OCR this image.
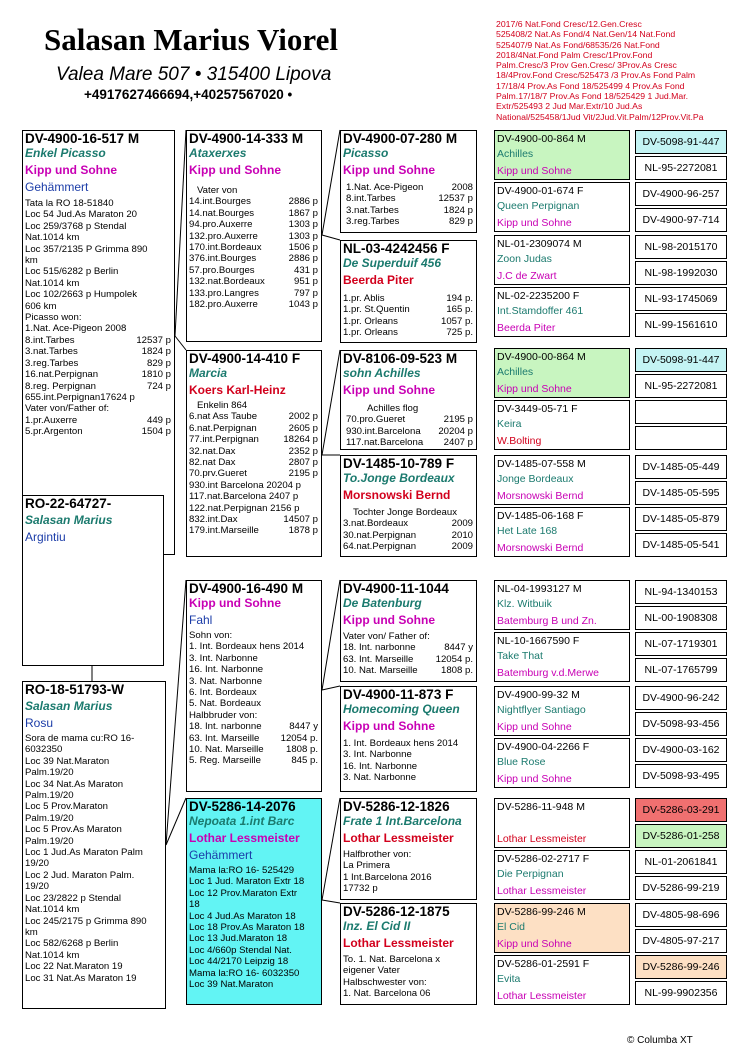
Salasan Marius Viorel
Valea Mare 507 • 315400 Lipova
+4917627466694,+40257567020 •
2017/6 Nat.Fond Cresc/12.Gen.Cresc
525408/2 Nat.As Fond/4 Nat.Gen/14 Nat.Fond
525407/9 Nat.As Fond/68535/26 Nat.Fond
2018/4Nat.Fond Palm Cresc/1Prov.Fond
Palm.Cresc/3 Prov Gen.Cresc/ 3Prov.As Cresc
18/4Prov.Fond Cresc/525473 /3 Prov.As Fond Palm
17/18/4 Prov.As Fond 18/525499 4 Prov.As Fond
Palm.17/18/7 Prov.As Fond 18/525429 1 Jud.Mar.
Extr/525493 2 Jud Mar.Extr/10 Jud.As
National/525458/1Jud Vit/2Jud.Vit.Palm/12Prov.Vit.Pa
DV-4900-16-517 M
Enkel Picasso
Kipp und Sohne
Gehämmert
Tata la RO 18-51840
Loc 54 Jud.As Maraton 20
Loc 259/3768 p Stendal
Nat.1014 km
Loc 357/2135 P Grimma 890
km
Loc 515/6282 p Berlin
Nat.1014 km
Loc 102/2663 p Humpolek
606 km
Picasso won:
1.Nat. Ace-Pigeon 2008
8.int.Tarbes	12537 p
3.nat.Tarbes	1824 p
3.reg.Tarbes	829 p
16.nat.Perpignan	1810 p
8.reg. Perpignan	724 p
655.int.Perpignan17624 p
Vater von/Father of:
1.pr.Auxerre	449 p
5.pr.Argenton	1504 p
RO-22-64727-
Salasan Marius
Argintiu
RO-18-51793-W
Salasan Marius
Rosu
Sora de mama cu:RO 16-
6032350
Loc 39 Nat.Maraton
Palm.19/20
Loc 34 Nat.As Maraton
Palm.19/20
Loc 5 Prov.Maraton
Palm.19/20
Loc 5 Prov.As Maraton
Palm.19/20
Loc 1 Jud.As Maraton Palm
19/20
Loc 2 Jud. Maraton Palm.
19/20
Loc 23/2822 p Stendal
Nat.1014 km
Loc 245/2175 p Grimma 890
km
Loc 582/6268 p Berlin
Nat.1014 km
Loc 22 Nat.Maraton 19
Loc 31 Nat.As Maraton 19
DV-4900-14-333 M
Ataxerxes
Kipp und Sohne
Vater von
14.int.Bourges	2886 p
14.nat.Bourges	1867 p
94.pro.Auxerre	1303 p
132.pro.Auxerre	1303 p
170.int.Bordeaux	1506 p
376.int.Bourges	2886 p
57.pro.Bourges	431 p
132.nat.Bordeaux	951 p
133.pro.Langres	797 p
182.pro.Auxerre	1043 p
DV-4900-14-410 F
Marcia
Koers Karl-Heinz
Enkelin 864
6.nat Ass Taube	2002 p
6.nat.Perpignan	2605 p
77.int.Perpignan	18264 p
32.nat.Dax	2352 p
82.nat Dax	2807 p
70.prv.Gueret	2195 p
930.int Barcelona 20204 p
117.nat.Barcelona 2407 p
122.nat.Perpignan 2156 p
832.int.Dax	14507 p
179.int.Marseille	1878 p
DV-4900-16-490 M
Kipp und Sohne
Fahl
Sohn von:
1. Int. Bordeaux hens 2014
3. Int. Narbonne
16. Int. Narbonne
3. Nat. Narbonne
6. Int. Bordeaux
5. Nat. Bordeaux
Halbbruder von:
18. Int. narbonne	8447 y
63. Int. Marseille 12054 p.
10. Nat. Marseille 1808 p.
5. Reg. Marseille	845 p.
DV-5286-14-2076
Nepoata 1.int Barc
Lothar Lessmeister
Gehämmert
Mama la:RO 16- 525429
Loc 1 Jud. Maraton Extr 18
Loc 12 Prov.Maraton Extr
18
Loc 4 Jud.As Maraton 18
Loc 18 Prov.As Maraton 18
Loc 13 Jud.Maraton 18
Loc 4/660p Stendal Nat.
Loc 44/2170 Leipzig 18
Mama la:RO 16- 6032350
Loc 39 Nat.Maraton
DV-4900-07-280 M
Picasso
Kipp und Sohne
1.Nat. Ace-Pigeon	2008
8.int.Tarbes	12537 p
3.nat.Tarbes	1824 p
3.reg.Tarbes	829 p
NL-03-4242456 F
De Superduif 456
Beerda Piter
1.pr. Ablis	194 p.
1.pr. St.Quentin	165 p.
1.pr. Orleans	1057 p.
1.pr. Orleans	725 p.
DV-8106-09-523 M
sohn Achilles
Kipp und Sohne
Achilles flog
70.pro.Gueret	2195 p
930.int.Barcelona 20204 p
117.nat.Barcelona 2407 p
DV-1485-10-789 F
To.Jonge Bordeaux
Morsnowski Bernd
Tochter Jonge Bordeaux
3.nat.Bordeaux	2009
30.nat.Perpignan	2010
64.nat.Perpignan	2009
DV-4900-11-1044
De Batenburg
Kipp und Sohne
Vater von/ Father of:
18. Int. narbonne	8447 y
63. Int. Marseille 12054 p.
10. Nat. Marseille 1808 p.
DV-4900-11-873 F
Homecoming Queen
Kipp und Sohne
1. Int. Bordeaux hens 2014
3. Int. Narbonne
16. Int. Narbonne
3. Nat. Narbonne
DV-5286-12-1826
Frate 1 Int.Barcelona
Lothar Lessmeister
Halfbrother von:
La Primera
1 Int.Barcelona 2016
17732 p
DV-5286-12-1875
Inz. El Cid II
Lothar Lessmeister
To. 1. Nat. Barcelona x
eigener Vater
Halbschwester von:
1. Nat. Barcelona 06
DV-4900-00-864 M
Achilles
Kipp und Sohne
DV-4900-01-674 F
Queen Perpignan
Kipp und Sohne
NL-01-2309074 M
Zoon Judas
J.C de Zwart
NL-02-2235200 F
Int.Stamdoffer 461
Beerda Piter
DV-4900-00-864 M
Achilles
Kipp und Sohne
DV-3449-05-71 F
Keira
W.Bolting
DV-1485-07-558 M
Jonge Bordeaux
Morsnowski Bernd
DV-1485-06-168 F
Het Late 168
Morsnowski Bernd
NL-04-1993127 M
Klz. Witbuik
Batemburg B und Zn.
NL-10-1667590 F
Take That
Batemburg v.d.Merwe
DV-4900-99-32 M
Nightflyer Santiago
Kipp und Sohne
DV-4900-04-2266 F
Blue Rose
Kipp und Sohne
DV-5286-11-948 M
Lothar Lessmeister
DV-5286-02-2717 F
Die Perpignan
Lothar Lessmeister
DV-5286-99-246 M
El Cid
Kipp und Sohne
DV-5286-01-2591 F
Evita
Lothar Lessmeister
DV-5098-91-447
NL-95-2272081
DV-4900-96-257
DV-4900-97-714
NL-98-2015170
NL-98-1992030
NL-93-1745069
NL-99-1561610
DV-5098-91-447
NL-95-2272081
DV-1485-05-449
DV-1485-05-595
DV-1485-05-879
DV-1485-05-541
NL-94-1340153
NL-00-1908308
NL-07-1719301
NL-07-1765799
DV-4900-96-242
DV-5098-93-456
DV-4900-03-162
DV-5098-93-495
DV-5286-03-291
DV-5286-01-258
NL-01-2061841
DV-5286-99-219
DV-4805-98-696
DV-4805-97-217
DV-5286-99-246
NL-99-9902356
© Columba XT
